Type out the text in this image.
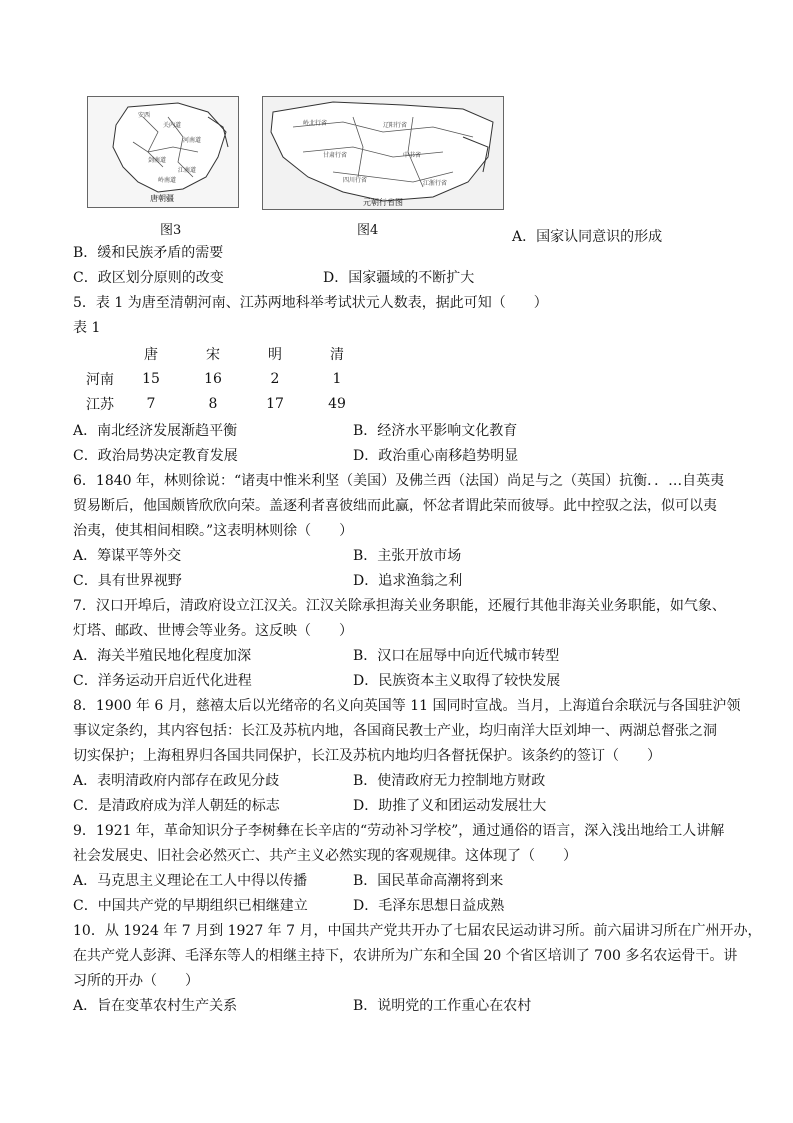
安西
关内道
河南道
剑南道
江南道
岭南道
唐朝疆
图3
岭北行省	辽阳行省
甘肃行省	中书省
四川行省	江浙行省
元朝行省图
图4	A．国家认同意识的形成
B．缓和民族矛盾的需要
C．政区划分原则的改变	D．国家疆域的不断扩大
5．表 1 为唐至清朝河南、江苏两地科举考试状元人数表，据此可知（　　）
表 1
	唐	宋	明	清
河南	15	16	2	1
江苏	7	8	17	49
A．南北经济发展渐趋平衡	B．经济水平影响文化教育
C．政治局势决定教育发展	D．政治重心南移趋势明显
6．1840 年，林则徐说：“诸夷中惟米利坚（美国）及佛兰西（法国）尚足与之（英国）抗衡．．…自英夷
贸易断后，他国颇皆欣欣向荣。盖逐利者喜彼绌而此赢，怀忿者谓此荣而彼辱。此中控驭之法，似可以夷
治夷，使其相间相睽。”这表明林则徐（　　）
A．筹谋平等外交	B．主张开放市场
C．具有世界视野	D．追求渔翁之利
7．汉口开埠后，清政府设立江汉关。江汉关除承担海关业务职能，还履行其他非海关业务职能，如气象、
灯塔、邮政、世博会等业务。这反映（　　）
A．海关半殖民地化程度加深	B．汉口在屈辱中向近代城市转型
C．洋务运动开启近代化进程	D．民族资本主义取得了较快发展
8．1900 年 6 月，慈禧太后以光绪帝的名义向英国等 11 国同时宣战。当月，上海道台余联沅与各国驻沪领
事议定条约，其内容包括：长江及苏杭内地，各国商民教士产业，均归南洋大臣刘坤一、两湖总督张之洞
切实保护；上海租界归各国共同保护，长江及苏杭内地均归各督抚保护。该条约的签订（　　）
A．表明清政府内部存在政见分歧	B．使清政府无力控制地方财政
C．是清政府成为洋人朝廷的标志	D．助推了义和团运动发展壮大
9．1921 年，革命知识分子李树彝在长辛店的“劳动补习学校”，通过通俗的语言，深入浅出地给工人讲解
社会发展史、旧社会必然灭亡、共产主义必然实现的客观规律。这体现了（　　）
A．马克思主义理论在工人中得以传播	B．国民革命高潮将到来
C．中国共产党的早期组织已相继建立	D．毛泽东思想日益成熟
10．从 1924 年 7 月到 1927 年 7 月，中国共产党共开办了七届农民运动讲习所。前六届讲习所在广州开办，
在共产党人彭湃、毛泽东等人的相继主持下，农讲所为广东和全国 20 个省区培训了 700 多名农运骨干。讲
习所的开办（　　）
A．旨在变革农村生产关系	B．说明党的工作重心在农村
